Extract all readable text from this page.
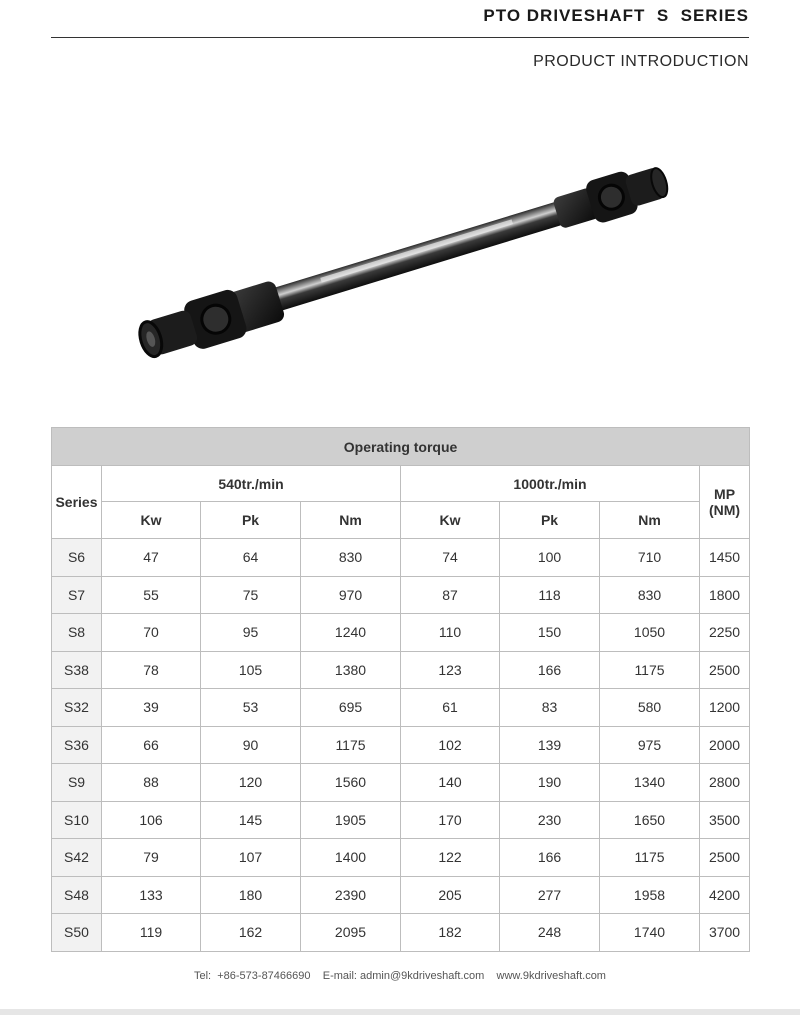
PTO DRIVESHAFT  S  SERIES
PRODUCT INTRODUCTION
Operating torque							
Series	540tr./min			1000tr./min			MP
(NM)
	Kw	Pk	Nm	Kw	Pk	Nm	
S6	47	64	830	74	100	710	1450
S7	55	75	970	87	118	830	1800
S8	70	95	1240	110	150	1050	2250
S38	78	105	1380	123	166	1175	2500
S32	39	53	695	61	83	580	1200
S36	66	90	1175	102	139	975	2000
S9	88	120	1560	140	190	1340	2800
S10	106	145	1905	170	230	1650	3500
S42	79	107	1400	122	166	1175	2500
S48	133	180	2390	205	277	1958	4200
S50	119	162	2095	182	248	1740	3700
Tel:  +86-573-87466690 E-mail: admin@9kdriveshaft.com www.9kdriveshaft.com
